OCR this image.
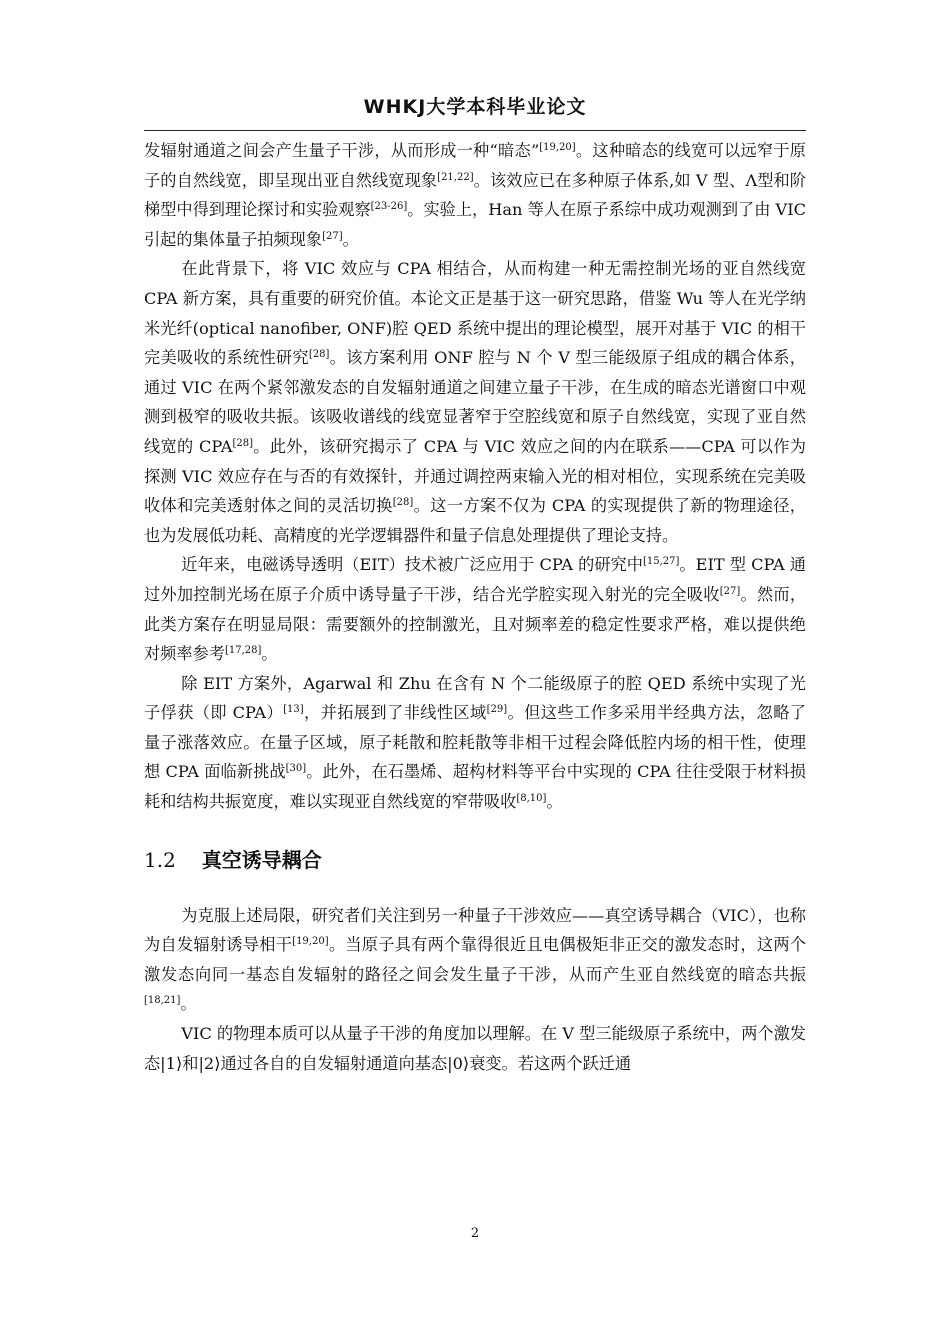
WHKJ大学本科毕业论文

发辐射通道之间会产生量子干涉，从而形成一种“暗态”[19,20]。这种暗态的线宽可以远窄于原子的自然线宽，即呈现出亚自然线宽现象[21,22]。该效应已在多种原子体系,如 V 型、Λ型和阶梯型中得到理论探讨和实验观察[23-26]。实验上，Han 等人在原子系综中成功观测到了由 VIC 引起的集体量子拍频现象[27]。

在此背景下，将 VIC 效应与 CPA 相结合，从而构建一种无需控制光场的亚自然线宽 CPA 新方案，具有重要的研究价值。本论文正是基于这一研究思路，借鉴 Wu 等人在光学纳米光纤(optical nanofiber, ONF)腔 QED 系统中提出的理论模型，展开对基于 VIC 的相干完美吸收的系统性研究[28]。该方案利用 ONF 腔与 N 个 V 型三能级原子组成的耦合体系，通过 VIC 在两个紧邻激发态的自发辐射通道之间建立量子干涉，在生成的暗态光谱窗口中观测到极窄的吸收共振。该吸收谱线的线宽显著窄于空腔线宽和原子自然线宽，实现了亚自然线宽的 CPA[28]。此外，该研究揭示了 CPA 与 VIC 效应之间的内在联系——CPA 可以作为探测 VIC 效应存在与否的有效探针，并通过调控两束输入光的相对相位，实现系统在完美吸收体和完美透射体之间的灵活切换[28]。这一方案不仅为 CPA 的实现提供了新的物理途径，也为发展低功耗、高精度的光学逻辑器件和量子信息处理提供了理论支持。

近年来，电磁诱导透明（EIT）技术被广泛应用于 CPA 的研究中[15,27]。EIT 型 CPA 通过外加控制光场在原子介质中诱导量子干涉，结合光学腔实现入射光的完全吸收[27]。然而，此类方案存在明显局限：需要额外的控制激光，且对频率差的稳定性要求严格，难以提供绝对频率参考[17,28]。

除 EIT 方案外，Agarwal 和 Zhu 在含有 N 个二能级原子的腔 QED 系统中实现了光子俘获（即 CPA）[13]，并拓展到了非线性区域[29]。但这些工作多采用半经典方法，忽略了量子涨落效应。在量子区域，原子耗散和腔耗散等非相干过程会降低腔内场的相干性，使理想 CPA 面临新挑战[30]。此外，在石墨烯、超构材料等平台中实现的 CPA 往往受限于材料损耗和结构共振宽度，难以实现亚自然线宽的窄带吸收[8,10]。

1.2 真空诱导耦合

为克服上述局限，研究者们关注到另一种量子干涉效应——真空诱导耦合（VIC），也称为自发辐射诱导相干[19,20]。当原子具有两个靠得很近且电偶极矩非正交的激发态时，这两个激发态向同一基态自发辐射的路径之间会发生量子干涉，从而产生亚自然线宽的暗态共振[18,21]。

VIC 的物理本质可以从量子干涉的角度加以理解。在 V 型三能级原子系统中，两个激发态|1⟩和|2⟩通过各自的自发辐射通道向基态|0⟩衰变。若这两个跃迁通

2
